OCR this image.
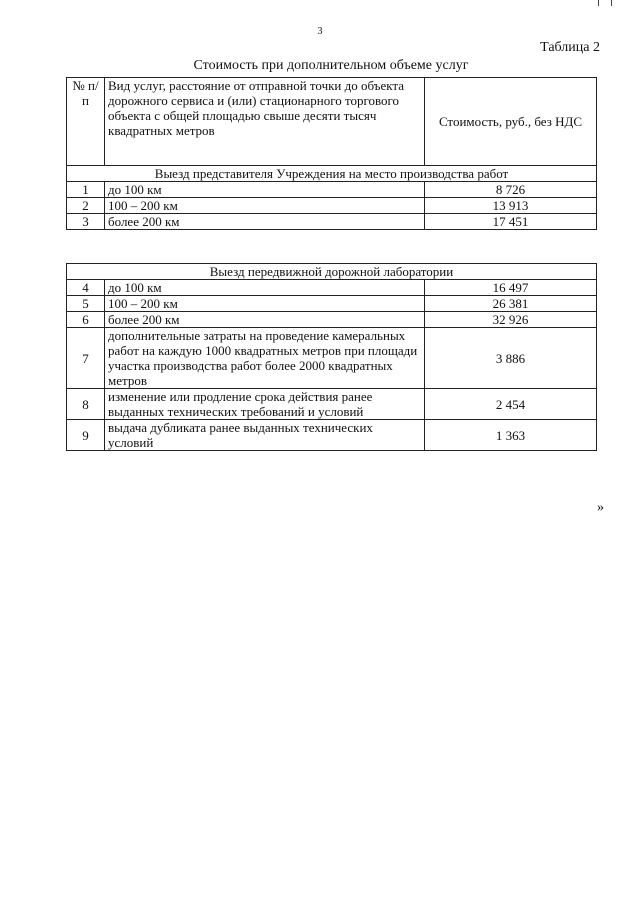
3
Таблица 2
Стоимость при дополнительном объеме услуг
№ п/п	Вид услуг, расстояние от отправной точки до объекта дорожного сервиса и (или) стационарного торгового объекта с общей площадью свыше десяти тысяч квадратных метров	Стоимость, руб., без НДС
Выезд представителя Учреждения на место производства работ		
1	до 100 км	8 726
2	100 – 200 км	13 913
3	более 200 км	17 451
Выезд передвижной дорожной лаборатории		
4	до 100 км	16 497
5	100 – 200 км	26 381
6	более 200 км	32 926
7	дополнительные затраты на проведение камеральных работ на каждую 1000 квадратных метров при площади участка производства работ более 2000 квадратных метров	3 886
8	изменение или продление срока действия ранее выданных технических требований и условий	2 454
9	выдача дубликата ранее выданных технических условий	1 363
»
